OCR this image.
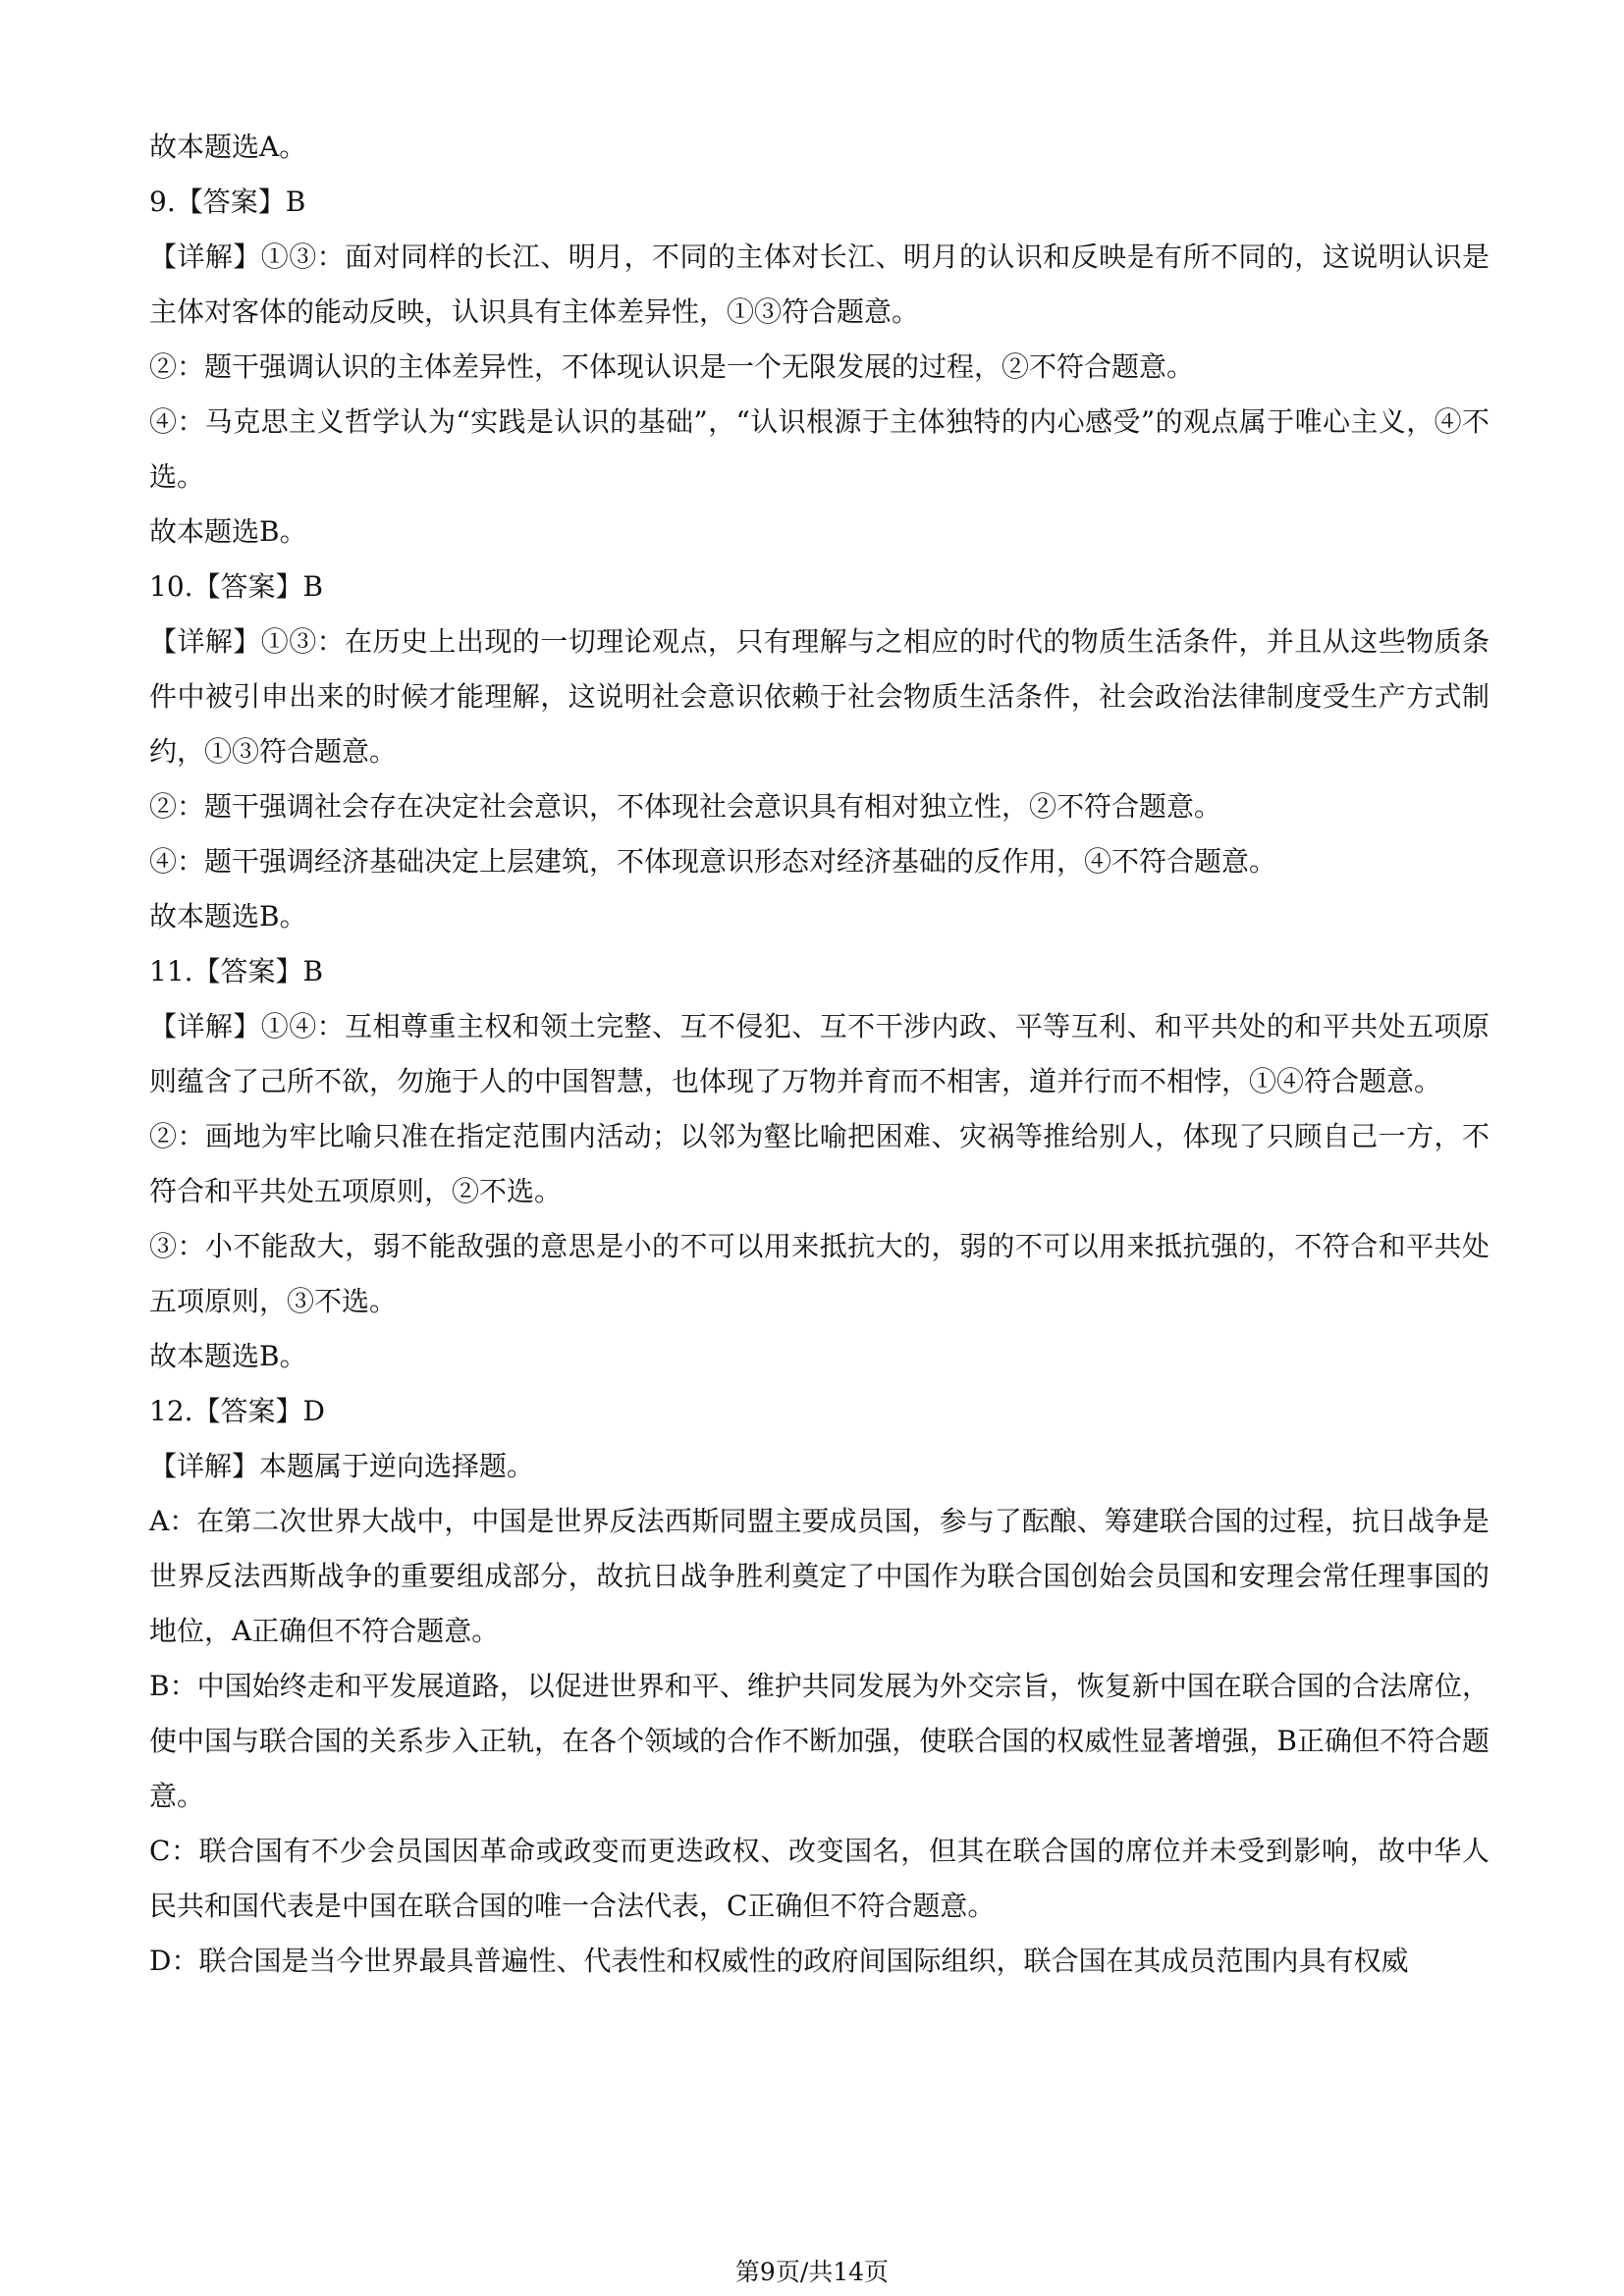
故本题选A。
9.【答案】B

【详解】①③：面对同样的长江、明月，不同的主体对长江、明月的认识和反映是有所不同的，这说明认识是主体对客体的能动反映，认识具有主体差异性，①③符合题意。

②：题干强调认识的主体差异性，不体现认识是一个无限发展的过程，②不符合题意。

④：马克思主义哲学认为“实践是认识的基础”，“认识根源于主体独特的内心感受”的观点属于唯心主义，④不选。

故本题选B。
10.【答案】B

【详解】①③：在历史上出现的一切理论观点，只有理解与之相应的时代的物质生活条件，并且从这些物质条件中被引申出来的时候才能理解，这说明社会意识依赖于社会物质生活条件，社会政治法律制度受生产方式制约，①③符合题意。

②：题干强调社会存在决定社会意识，不体现社会意识具有相对独立性，②不符合题意。

④：题干强调经济基础决定上层建筑，不体现意识形态对经济基础的反作用，④不符合题意。

故本题选B。
11.【答案】B

【详解】①④：互相尊重主权和领土完整、互不侵犯、互不干涉内政、平等互利、和平共处的和平共处五项原则蕴含了己所不欲，勿施于人的中国智慧，也体现了万物并育而不相害，道并行而不相悖，①④符合题意。

②：画地为牢比喻只准在指定范围内活动；以邻为壑比喻把困难、灾祸等推给别人，体现了只顾自己一方，不符合和平共处五项原则，②不选。

③：小不能敌大，弱不能敌强的意思是小的不可以用来抵抗大的，弱的不可以用来抵抗强的，不符合和平共处五项原则，③不选。

故本题选B。
12.【答案】D
【详解】本题属于逆向选择题。

A：在第二次世界大战中，中国是世界反法西斯同盟主要成员国，参与了酝酿、筹建联合国的过程，抗日战争是世界反法西斯战争的重要组成部分，故抗日战争胜利奠定了中国作为联合国创始会员国和安理会常任理事国的地位，A正确但不符合题意。

B：中国始终走和平发展道路，以促进世界和平、维护共同发展为外交宗旨，恢复新中国在联合国的合法席位，使中国与联合国的关系步入正轨，在各个领域的合作不断加强，使联合国的权威性显著增强，B正确但不符合题意。

C：联合国有不少会员国因革命或政变而更迭政权、改变国名，但其在联合国的席位并未受到影响，故中华人民共和国代表是中国在联合国的唯一合法代表，C正确但不符合题意。

D：联合国是当今世界最具普遍性、代表性和权威性的政府间国际组织，联合国在其成员范围内具有权威

第9页/共14页
